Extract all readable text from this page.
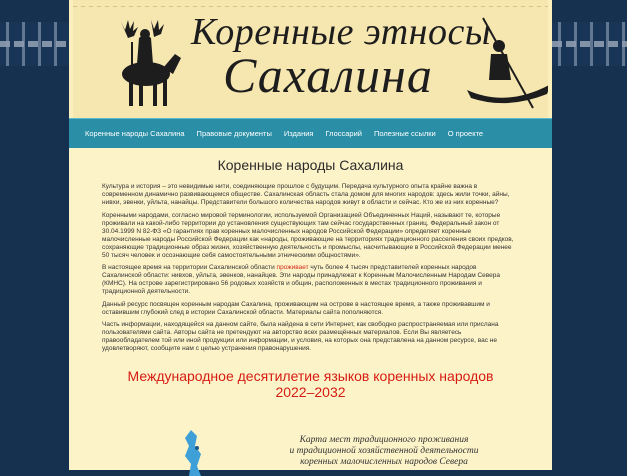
Коренные этносы
Сахалина
Коренные народы Сахалина Правовые документы Издания Глоссарий Полезные ссылки О проекте
Коренные народы Сахалина

Культура и история – это невидимые нити, соединяющие прошлое с будущим. Передача культурного опыта крайне важна в современном динамично развивающемся обществе. Сахалинская область стала домом для многих народов: здесь жили точки, айны, нивхи, эвенки, уйльта, нанайцы. Представители большого количества народов живут в области и сейчас. Кто же из них коренные?

Коренными народами, согласно мировой терминологии, используемой Организацией Объединенных Наций, называют те, которые проживали на какой-либо территории до установления существующих там сейчас государственных границ. Федеральный закон от 30.04.1999 N 82-ФЗ «О гарантиях прав коренных малочисленных народов Российской Федерации» определяет коренные малочисленные народы Российской Федерации как «народы, проживающие на территориях традиционного расселения своих предков, сохраняющие традиционные образ жизни, хозяйственную деятельность и промыслы, насчитывающие в Российской Федерации менее 50 тысяч человек и осознающие себя самостоятельными этническими общностями».

В настоящее время на территории Сахалинской области проживает чуть более 4 тысяч представителей коренных народов Сахалинской области: нивхов, уйльта, эвенков, нанайцев. Эти народы принадлежат к Коренным Малочисленным Народам Севера (КМНС). На острове зарегистрировано 56 родовых хозяйств и общин, расположенных в местах традиционного проживания и традиционной деятельности.

Данный ресурс посвящен коренным народам Сахалина, проживающим на острове в настоящее время, а также проживавшим и оставившим глубокий след в истории Сахалинской области. Материалы сайта пополняются.

Часть информации, находящейся на данном сайте, была найдена в сети Интернет, как свободно распространяемая или прислана пользователями сайта. Авторы сайта не претендуют на авторство всех размещённых материалов. Если Вы являетесь правообладателем той или иной продукции или информации, и условия, на которых она представлена на данном ресурсе, вас не удовлетворяют, сообщите нам с целью устранения правонарушения.

Международное десятилетие языков коренных народов
2022–2032
Карта мест традиционного проживания
и традиционной хозяйственной деятельности
коренных малочисленных народов Севера
